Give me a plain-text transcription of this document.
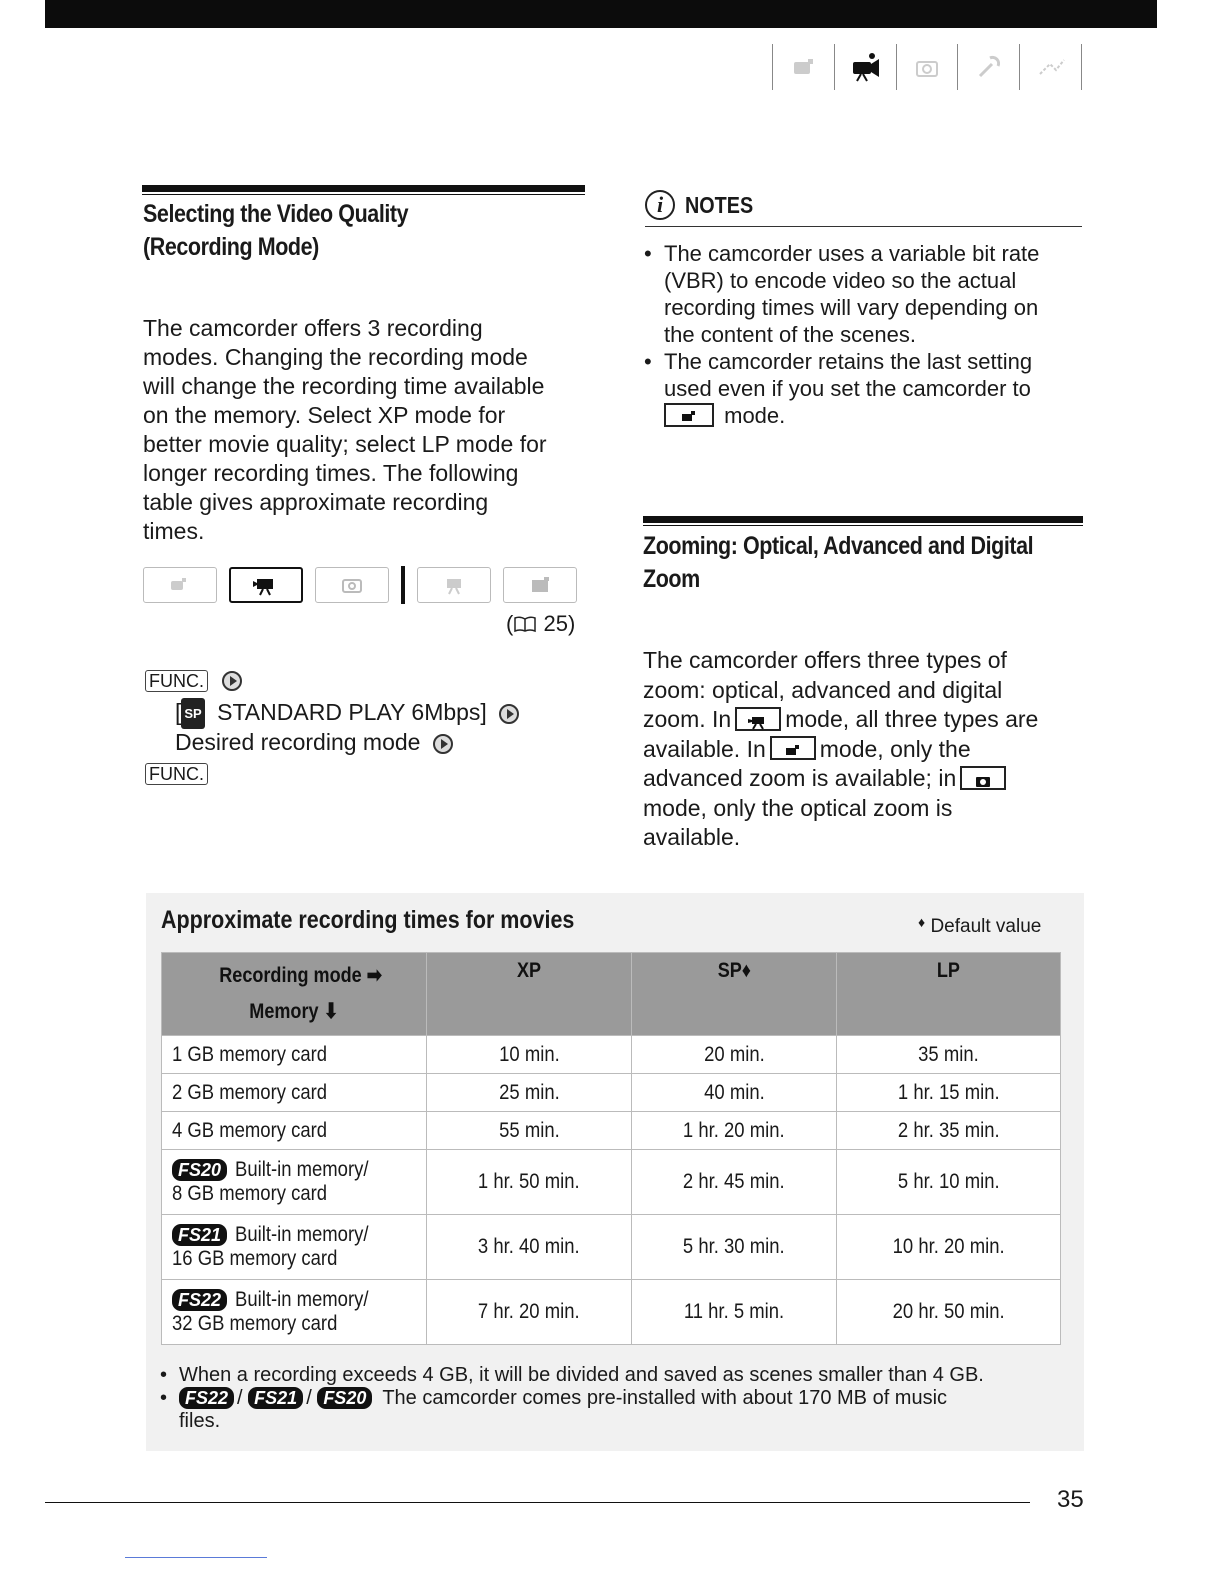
Selecting the Video Quality
(Recording Mode)
The camcorder offers 3 recording
modes. Changing the recording mode
will change the recording time available
on the memory. Select XP mode for
better movie quality; select LP mode for
longer recording times. The following
table gives approximate recording
times.
( 25)
FUNC.
[ SP STANDARD PLAY 6Mbps]
Desired recording mode
FUNC.
i NOTES
• The camcorder uses a variable bit rate
(VBR) to encode video so the actual
recording times will vary depending on
the content of the scenes.
• The camcorder retains the last setting
used even if you set the camcorder to
mode.
Zooming: Optical, Advanced and Digital
Zoom
The camcorder offers three types of
zoom: optical, advanced and digital
zoom. In mode, all three types are
available. In mode, only the
advanced zoom is available; in
mode, only the optical zoom is
available.
Approximate recording times for movies	♦ Default value
Recording mode ➡
Memory ⬇	XP	SP♦	LP
1 GB memory card	10 min.	20 min.	35 min.
2 GB memory card	25 min.	40 min.	1 hr. 15 min.
4 GB memory card	55 min.	1 hr. 20 min.	2 hr. 35 min.

FS20 Built-in memory/
8 GB memory card	1 hr. 50 min.	2 hr. 45 min.	5 hr. 10 min.

FS21 Built-in memory/
16 GB memory card	3 hr. 40 min.	5 hr. 30 min.	10 hr. 20 min.

FS22 Built-in memory/
32 GB memory card	7 hr. 20 min.	11 hr. 5 min.	20 hr. 50 min.
• When a recording exceeds 4 GB, it will be divided and saved as scenes smaller than 4 GB.
• FS22 / FS21 / FS20 The camcorder comes pre-installed with about 170 MB of music
files.
35
